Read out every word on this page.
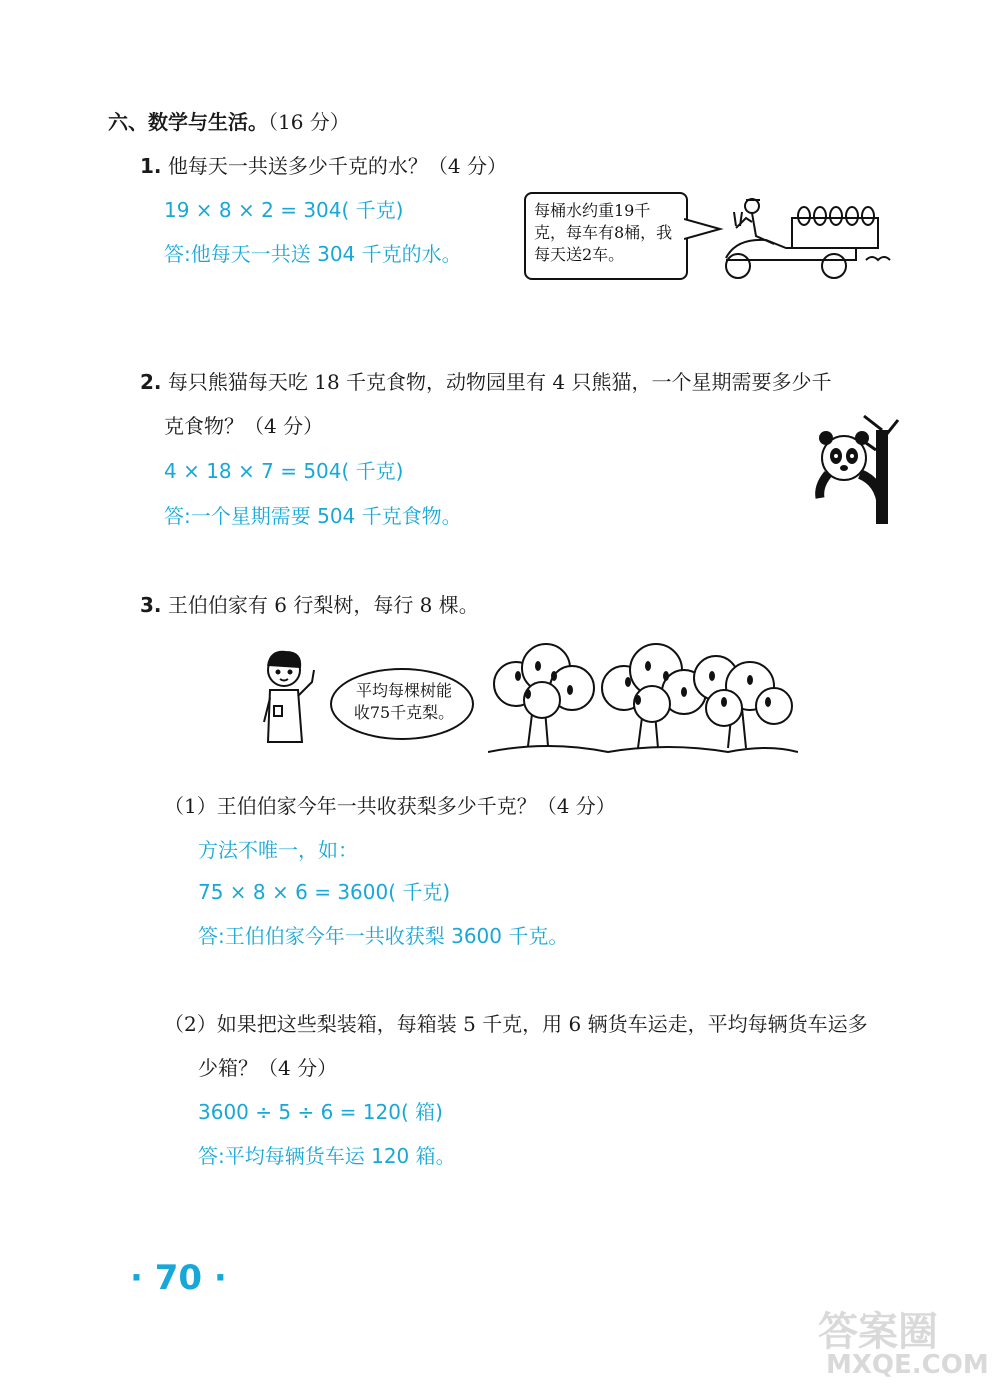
六、数学与生活。（16 分）
1. 他每天一共送多少千克的水？（4 分）
19 × 8 × 2 = 304( 千克)
答:他每天一共送 304 千克的水。
每桶水约重19千克，每车有8桶，我每天送2车。
2. 每只熊猫每天吃 18 千克食物，动物园里有 4 只熊猫，一个星期需要多少千
克食物？（4 分）
4 × 18 × 7 = 504( 千克)
答:一个星期需要 504 千克食物。
3. 王伯伯家有 6 行梨树，每行 8 棵。
平均每棵树能收75千克梨。
（1）王伯伯家今年一共收获梨多少千克？（4 分）
方法不唯一，如：
75 × 8 × 6 = 3600( 千克)
答:王伯伯家今年一共收获梨 3600 千克。
（2）如果把这些梨装箱，每箱装 5 千克，用 6 辆货车运走，平均每辆货车运多
少箱？（4 分）
3600 ÷ 5 ÷ 6 = 120( 箱)
答:平均每辆货车运 120 箱。
· 70 ·
答案圈
MXQE.COM
